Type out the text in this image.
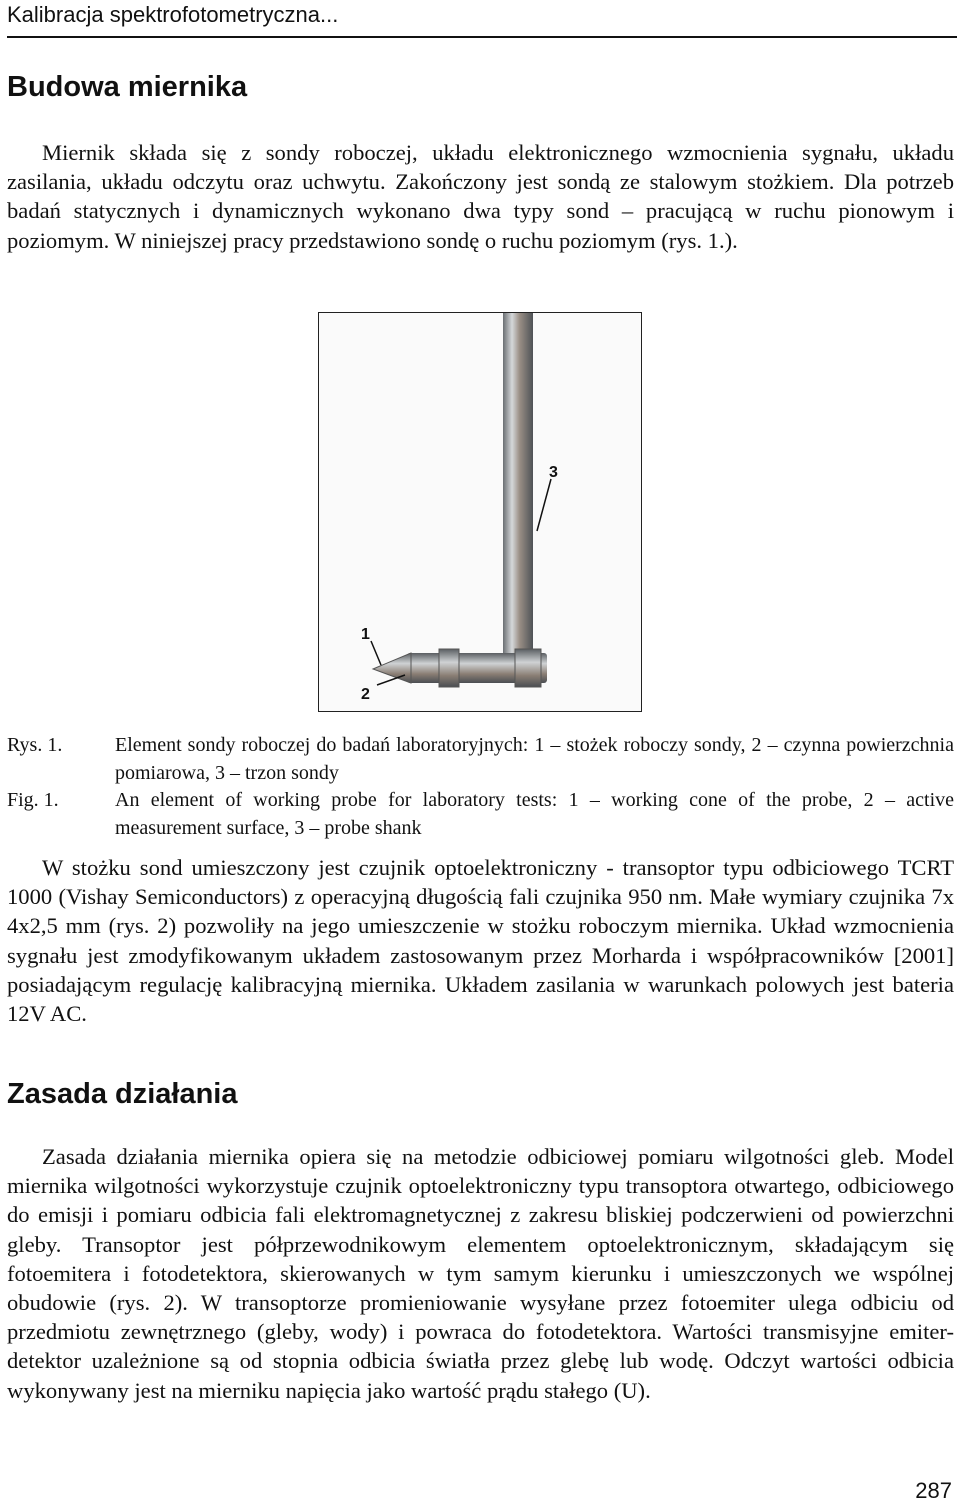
Kalibracja spektrofotometryczna...
Budowa miernika

Miernik składa się z sondy roboczej, układu elektronicznego wzmocnienia sygnału, układu zasilania, układu odczytu oraz uchwytu. Zakończony jest sondą ze stalowym stożkiem. Dla potrzeb badań statycznych i dynamicznych wykonano dwa typy sond – pracującą w ruchu pionowym i poziomym. W niniejszej pracy przedstawiono sondę o ruchu poziomym (rys. 1.).

3
1
2
Rys. 1.	Element sondy roboczej do badań laboratoryjnych: 1 – stożek roboczy sondy, 2 – czynna powierzchnia pomiarowa, 3 – trzon sondy
Fig. 1.	An element of working probe for laboratory tests: 1 – working cone of the probe, 2 – active measurement surface, 3 – probe shank

W stożku sond umieszczony jest czujnik optoelektroniczny - transoptor typu odbiciowego TCRT 1000 (Vishay Semiconductors) z operacyjną długością fali czujnika 950 nm. Małe wymiary czujnika 7x 4x2,5 mm (rys. 2) pozwoliły na jego umieszczenie w stożku roboczym miernika. Układ wzmocnienia sygnału jest zmodyfikowanym układem zastosowanym przez Morharda i współpracowników [2001] posiadającym regulację kalibracyjną miernika. Układem zasilania w warunkach polowych jest bateria 12V AC.

Zasada działania

Zasada działania miernika opiera się na metodzie odbiciowej pomiaru wilgotności gleb. Model miernika wilgotności wykorzystuje czujnik optoelektroniczny typu transoptora otwartego, odbiciowego do emisji i pomiaru odbicia fali elektromagnetycznej z zakresu bliskiej podczerwieni od powierzchni gleby. Transoptor jest półprzewodnikowym elementem optoelektronicznym, składającym się fotoemitera i fotodetektora, skierowanych w tym samym kierunku i umieszczonych we wspólnej obudowie (rys. 2). W transoptorze promieniowanie wysyłane przez fotoemiter ulega odbiciu od przedmiotu zewnętrznego (gleby, wody) i powraca do fotodetektora. Wartości transmisyjne emiter-detektor uzależnione są od stopnia odbicia światła przez glebę lub wodę. Odczyt wartości odbicia wykonywany jest na mierniku napięcia jako wartość prądu stałego (U).

287
